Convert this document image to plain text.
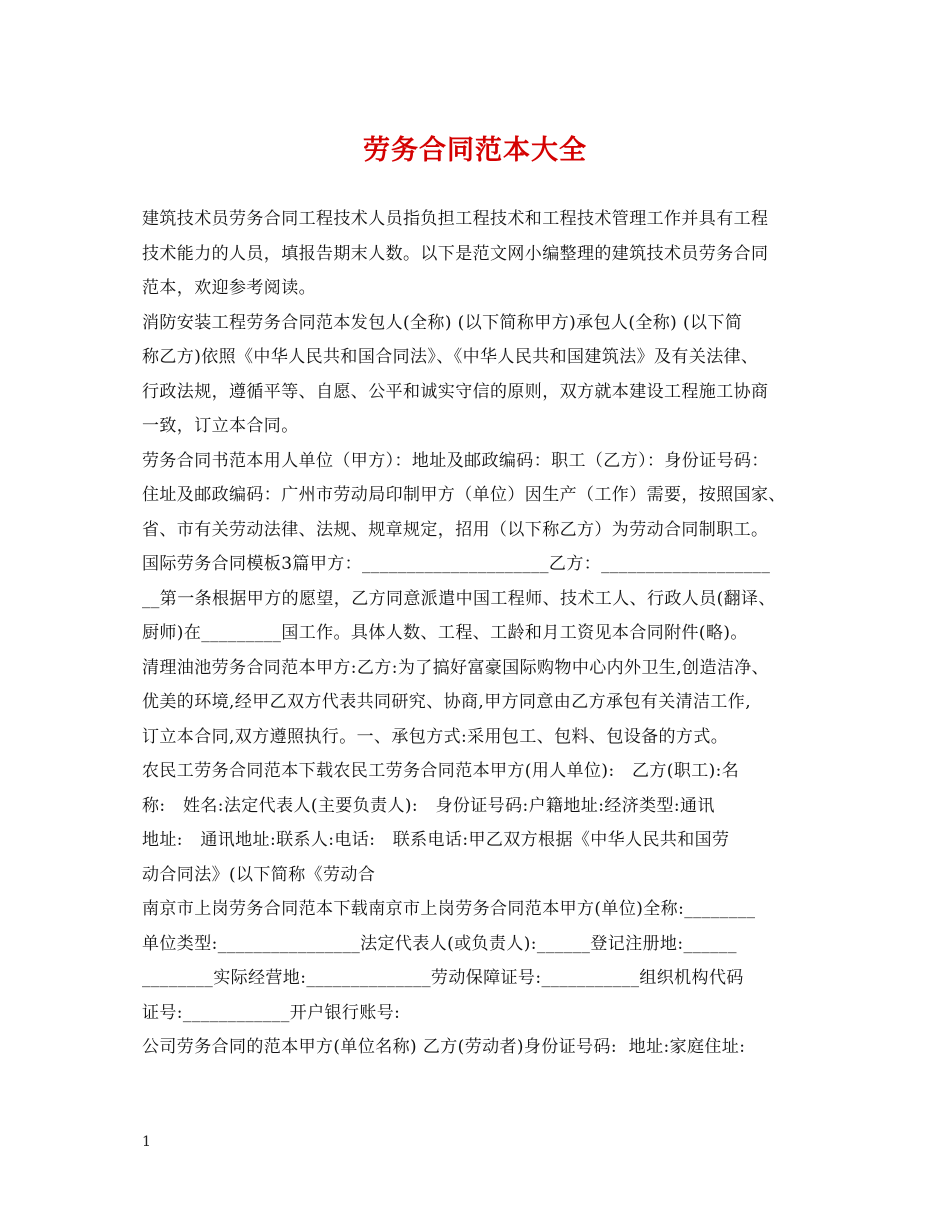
劳务合同范本大全
建筑技术员劳务合同工程技术人员指负担工程技术和工程技术管理工作并具有工程
技术能力的人员，填报告期末人数。以下是范文网小编整理的建筑技术员劳务合同
范本，欢迎参考阅读。
消防安装工程劳务合同范本发包人(全称) (以下简称甲方)承包人(全称) (以下简
称乙方)依照《中华人民共和国合同法》、《中华人民共和国建筑法》及有关法律、
行政法规，遵循平等、自愿、公平和诚实守信的原则，双方就本建设工程施工协商
一致，订立本合同。
劳务合同书范本用人单位（甲方）：地址及邮政编码：职工（乙方）：身份证号码：
住址及邮政编码：广州市劳动局印制甲方（单位）因生产（工作）需要，按照国家、
省、市有关劳动法律、法规、规章规定，招用（以下称乙方）为劳动合同制职工。
国际劳务合同模板3篇甲方：_____________________乙方：___________________
__第一条根据甲方的愿望，乙方同意派遣中国工程师、技术工人、行政人员(翻译、
厨师)在_________国工作。具体人数、工程、工龄和月工资见本合同附件(略)。
清理油池劳务合同范本甲方:乙方:为了搞好富豪国际购物中心内外卫生,创造洁净、
优美的环境,经甲乙双方代表共同研究、协商,甲方同意由乙方承包有关清洁工作,
订立本合同,双方遵照执行。一、承包方式:采用包工、包料、包设备的方式。
农民工劳务合同范本下载农民工劳务合同范本甲方(用人单位):   乙方(职工):名
称:   姓名:法定代表人(主要负责人):   身份证号码:户籍地址:经济类型:通讯
地址:   通讯地址:联系人:电话:   联系电话:甲乙双方根据《中华人民共和国劳
动合同法》(以下简称《劳动合
南京市上岗劳务合同范本下载南京市上岗劳务合同范本甲方(单位)全称:________
单位类型:________________法定代表人(或负责人):______登记注册地:______
________实际经营地:______________劳动保障证号:___________组织机构代码
证号:____________开户银行账号:
公司劳务合同的范本甲方(单位名称) 乙方(劳动者)身份证号码:  地址:家庭住址:
1
